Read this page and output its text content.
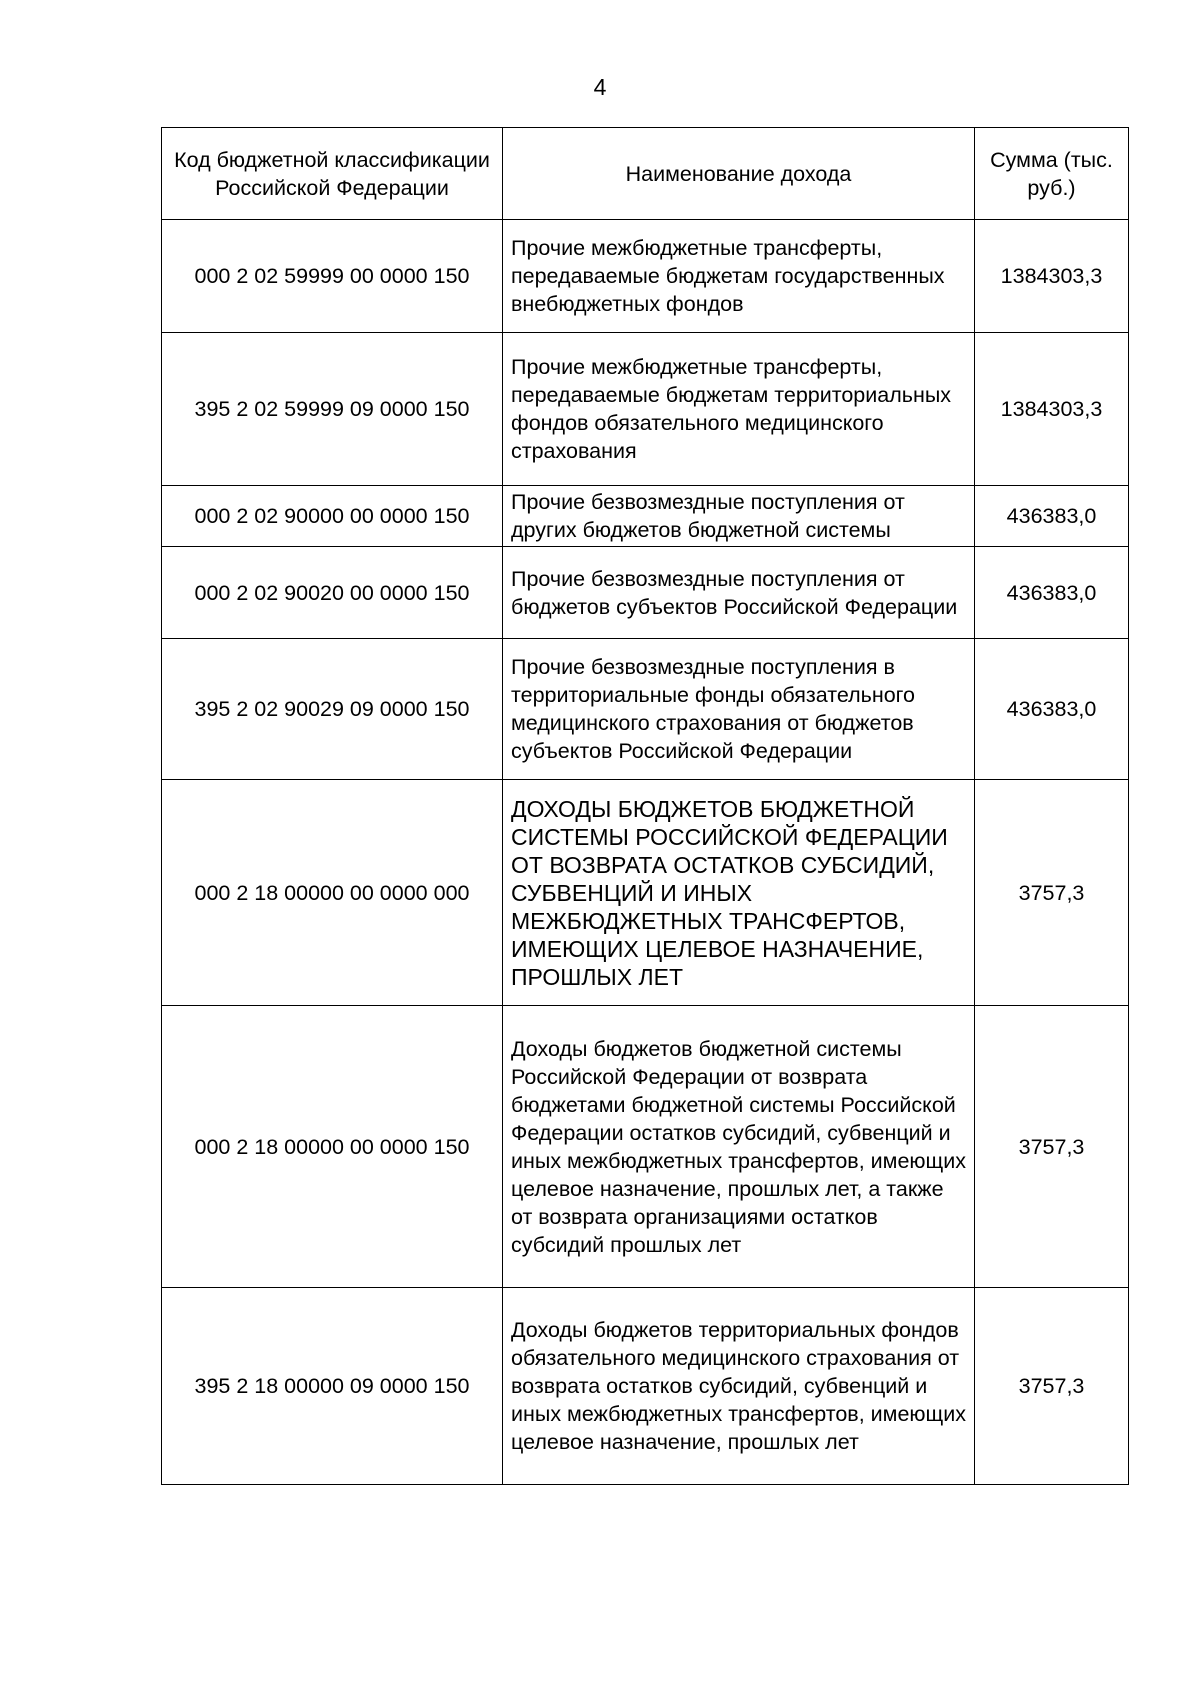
4
Код бюджетной классификации Российской Федерации	Наименование дохода	Сумма (тыс. руб.)
000 2 02 59999 00 0000 150	Прочие межбюджетные трансферты, передаваемые бюджетам государственных внебюджетных фондов	1384303,3
395 2 02 59999 09 0000 150	Прочие межбюджетные трансферты, передаваемые бюджетам территориальных фондов обязательного медицинского страхования	1384303,3
000 2 02 90000 00 0000 150	Прочие безвозмездные поступления от других бюджетов бюджетной системы	436383,0
000 2 02 90020 00 0000 150	Прочие безвозмездные поступления от бюджетов субъектов Российской Федерации	436383,0
395 2 02 90029 09 0000 150	Прочие безвозмездные поступления в территориальные фонды обязательного медицинского страхования от бюджетов субъектов Российской Федерации	436383,0
000 2 18 00000 00 0000 000	ДОХОДЫ БЮДЖЕТОВ БЮДЖЕТНОЙ СИСТЕМЫ РОССИЙСКОЙ ФЕДЕРАЦИИ ОТ ВОЗВРАТА ОСТАТКОВ СУБСИДИЙ, СУБВЕНЦИЙ И ИНЫХ МЕЖБЮДЖЕТНЫХ ТРАНСФЕРТОВ, ИМЕЮЩИХ ЦЕЛЕВОЕ НАЗНАЧЕНИЕ, ПРОШЛЫХ ЛЕТ	3757,3
000 2 18 00000 00 0000 150	Доходы бюджетов бюджетной системы Российской Федерации от возврата бюджетами бюджетной системы Российской Федерации остатков субсидий, субвенций и иных межбюджетных трансфертов, имеющих целевое назначение, прошлых лет, а также от возврата организациями остатков субсидий прошлых лет	3757,3
395 2 18 00000 09 0000 150	Доходы бюджетов территориальных фондов обязательного медицинского страхования от возврата остатков субсидий, субвенций и иных межбюджетных трансфертов, имеющих целевое назначение, прошлых лет	3757,3
